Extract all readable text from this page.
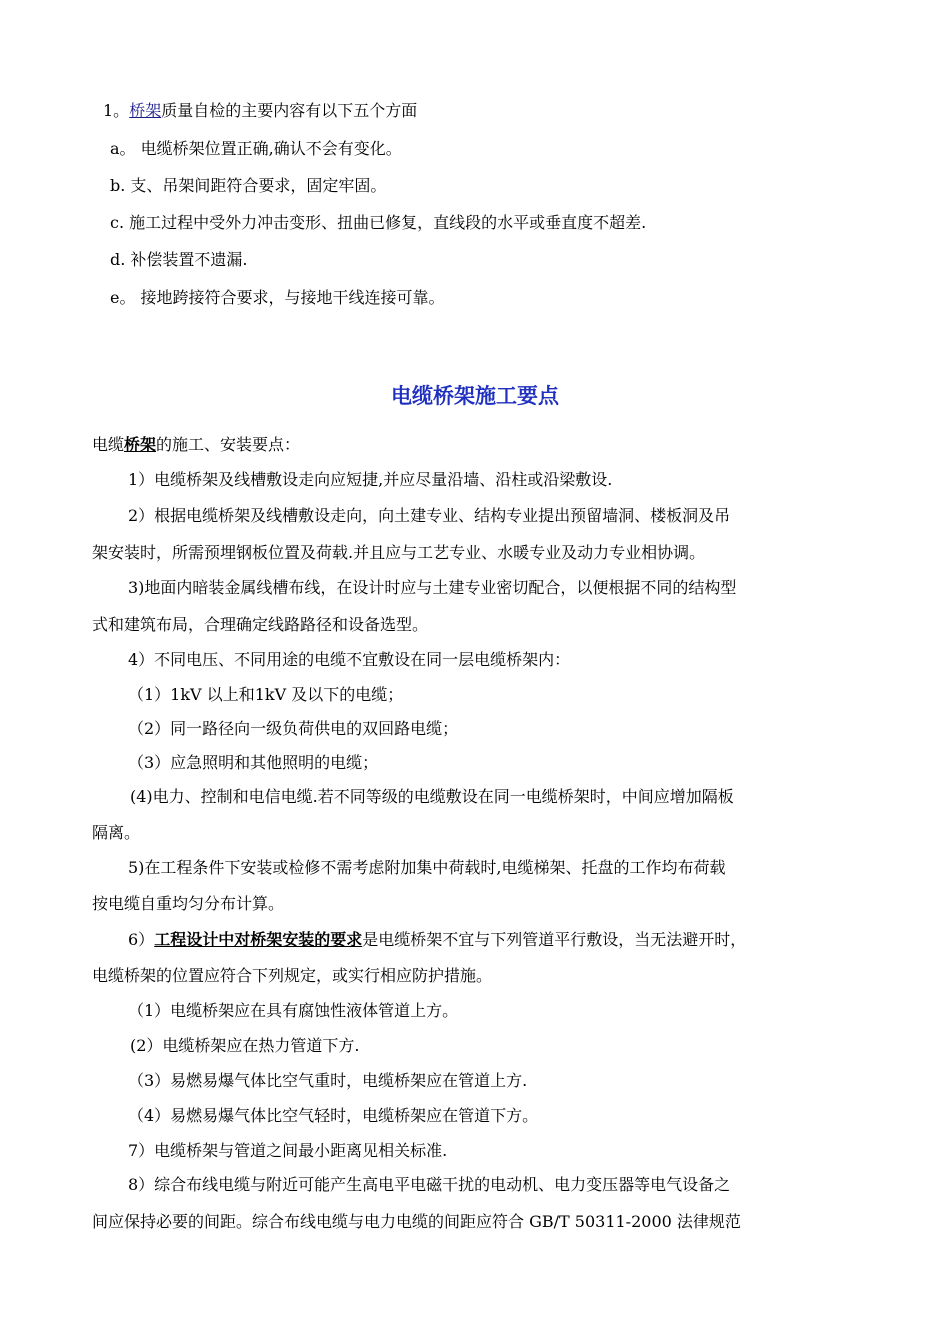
1。桥架质量自检的主要内容有以下五个方面
a。 电缆桥架位置正确,确认不会有变化。
b. 支、吊架间距符合要求，固定牢固。
c. 施工过程中受外力冲击变形、扭曲已修复，直线段的水平或垂直度不超差.
d. 补偿装置不遗漏.
e。 接地跨接符合要求，与接地干线连接可靠。
电缆桥架施工要点
电缆桥架的施工、安装要点：
1）电缆桥架及线槽敷设走向应短捷,并应尽量沿墙、沿柱或沿梁敷设.
2）根据电缆桥架及线槽敷设走向，向土建专业、结构专业提出预留墙洞、楼板洞及吊
架安装时，所需预埋钢板位置及荷载.并且应与工艺专业、水暖专业及动力专业相协调。
3)地面内暗装金属线槽布线，在设计时应与土建专业密切配合，以便根据不同的结构型
式和建筑布局，合理确定线路路径和设备选型。
4）不同电压、不同用途的电缆不宜敷设在同一层电缆桥架内：
（1）1kV 以上和1kV 及以下的电缆；
（2）同一路径向一级负荷供电的双回路电缆；
（3）应急照明和其他照明的电缆；
(4)电力、控制和电信电缆.若不同等级的电缆敷设在同一电缆桥架时，中间应增加隔板
隔离。
5)在工程条件下安装或检修不需考虑附加集中荷载时,电缆梯架、托盘的工作均布荷载
按电缆自重均匀分布计算。
6）工程设计中对桥架安装的要求是电缆桥架不宜与下列管道平行敷设，当无法避开时，
电缆桥架的位置应符合下列规定，或实行相应防护措施。
（1）电缆桥架应在具有腐蚀性液体管道上方。
(2）电缆桥架应在热力管道下方.
（3）易燃易爆气体比空气重时，电缆桥架应在管道上方.
（4）易燃易爆气体比空气轻时，电缆桥架应在管道下方。
7）电缆桥架与管道之间最小距离见相关标准.
8）综合布线电缆与附近可能产生高电平电磁干扰的电动机、电力变压器等电气设备之
间应保持必要的间距。综合布线电缆与电力电缆的间距应符合 GB/T 50311-2000 法律规范
